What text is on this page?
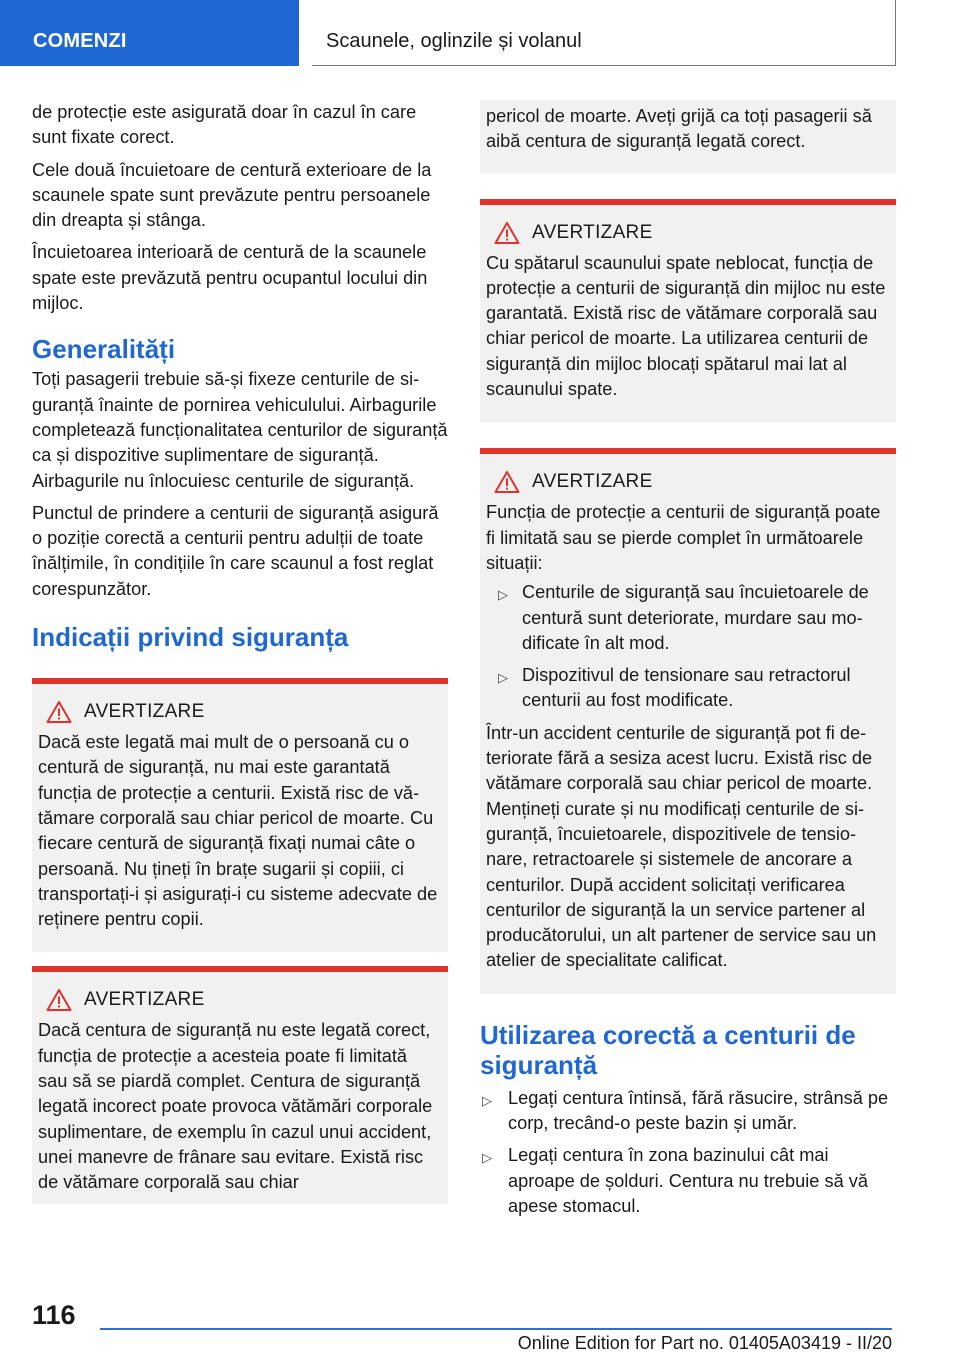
COMENZI	Scaunele, oglinzile și volanul

de protecție este asigurată doar în cazul în care sunt fixate corect.

Cele două încuietoare de centură exterioare de la scaunele spate sunt prevăzute pentru persoanele din dreapta și stânga.

Încuietoarea interioară de centură de la scaunele spate este prevăzută pentru ocupantul locului din mijloc.

Generalități

Toți pasagerii trebuie să-și fixeze centurile de siguranță înainte de pornirea vehiculului. Airbagurile completează funcționalitatea centurilor de siguranță ca și dispozitive suplimentare de siguranță. Airbagurile nu înlocuiesc centurile de siguranță.

Punctul de prindere a centurii de siguranță asigură o poziție corectă a centurii pentru adulții de toate înălțimile, în condițiile în care scaunul a fost reglat corespunzător.

Indicații privind siguranța
AVERTIZARE

Dacă este legată mai mult de o persoană cu o centură de siguranță, nu mai este garantată funcția de protecție a centurii. Există risc de vătămare corporală sau chiar pericol de moarte. Cu fiecare centură de siguranță fixați numai câte o persoană. Nu țineți în brațe sugarii și copiii, ci transportați-i și asigurați-i cu sisteme adecvate de reținere pentru copii.

AVERTIZARE

Dacă centura de siguranță nu este legată corect, funcția de protecție a acesteia poate fi limitată sau să se piardă complet. Centura de siguranță legată incorect poate provoca vătămări corporale suplimentare, de exemplu în cazul unui accident, unei manevre de frânare sau evitare. Există risc de vătămare corporală sau chiar

pericol de moarte. Aveți grijă ca toți pasagerii să aibă centura de siguranță legată corect.

AVERTIZARE

Cu spătarul scaunului spate neblocat, funcția de protecție a centurii de siguranță din mijloc nu este garantată. Există risc de vătămare corporală sau chiar pericol de moarte. La utilizarea centurii de siguranță din mijloc blocați spătarul mai lat al scaunului spate.

AVERTIZARE

Funcția de protecție a centurii de siguranță poate fi limitată sau se pierde complet în următoarele situații:

▷ Centurile de siguranță sau încuietoarele de centură sunt deteriorate, murdare sau modificate în alt mod.
▷ Dispozitivul de tensionare sau retractorul centurii au fost modificate.

Într-un accident centurile de siguranță pot fi deteriorate fără a sesiza acest lucru. Există risc de vătămare corporală sau chiar pericol de moarte. Mențineți curate și nu modificați centurile de siguranță, încuietoarele, dispozitivele de tensionare, retractoarele și sistemele de ancorare a centurilor. După accident solicitați verificarea centurilor de siguranță la un service partener al producătorului, un alt partener de service sau un atelier de specialitate calificat.

Utilizarea corectă a centurii de siguranță
▷ Legați centura întinsă, fără răsucire, strânsă pe corp, trecând-o peste bazin și umăr.
▷ Legați centura în zona bazinului cât mai aproape de șolduri. Centura nu trebuie să vă apese stomacul.
116
Online Edition for Part no. 01405A03419 - II/20
